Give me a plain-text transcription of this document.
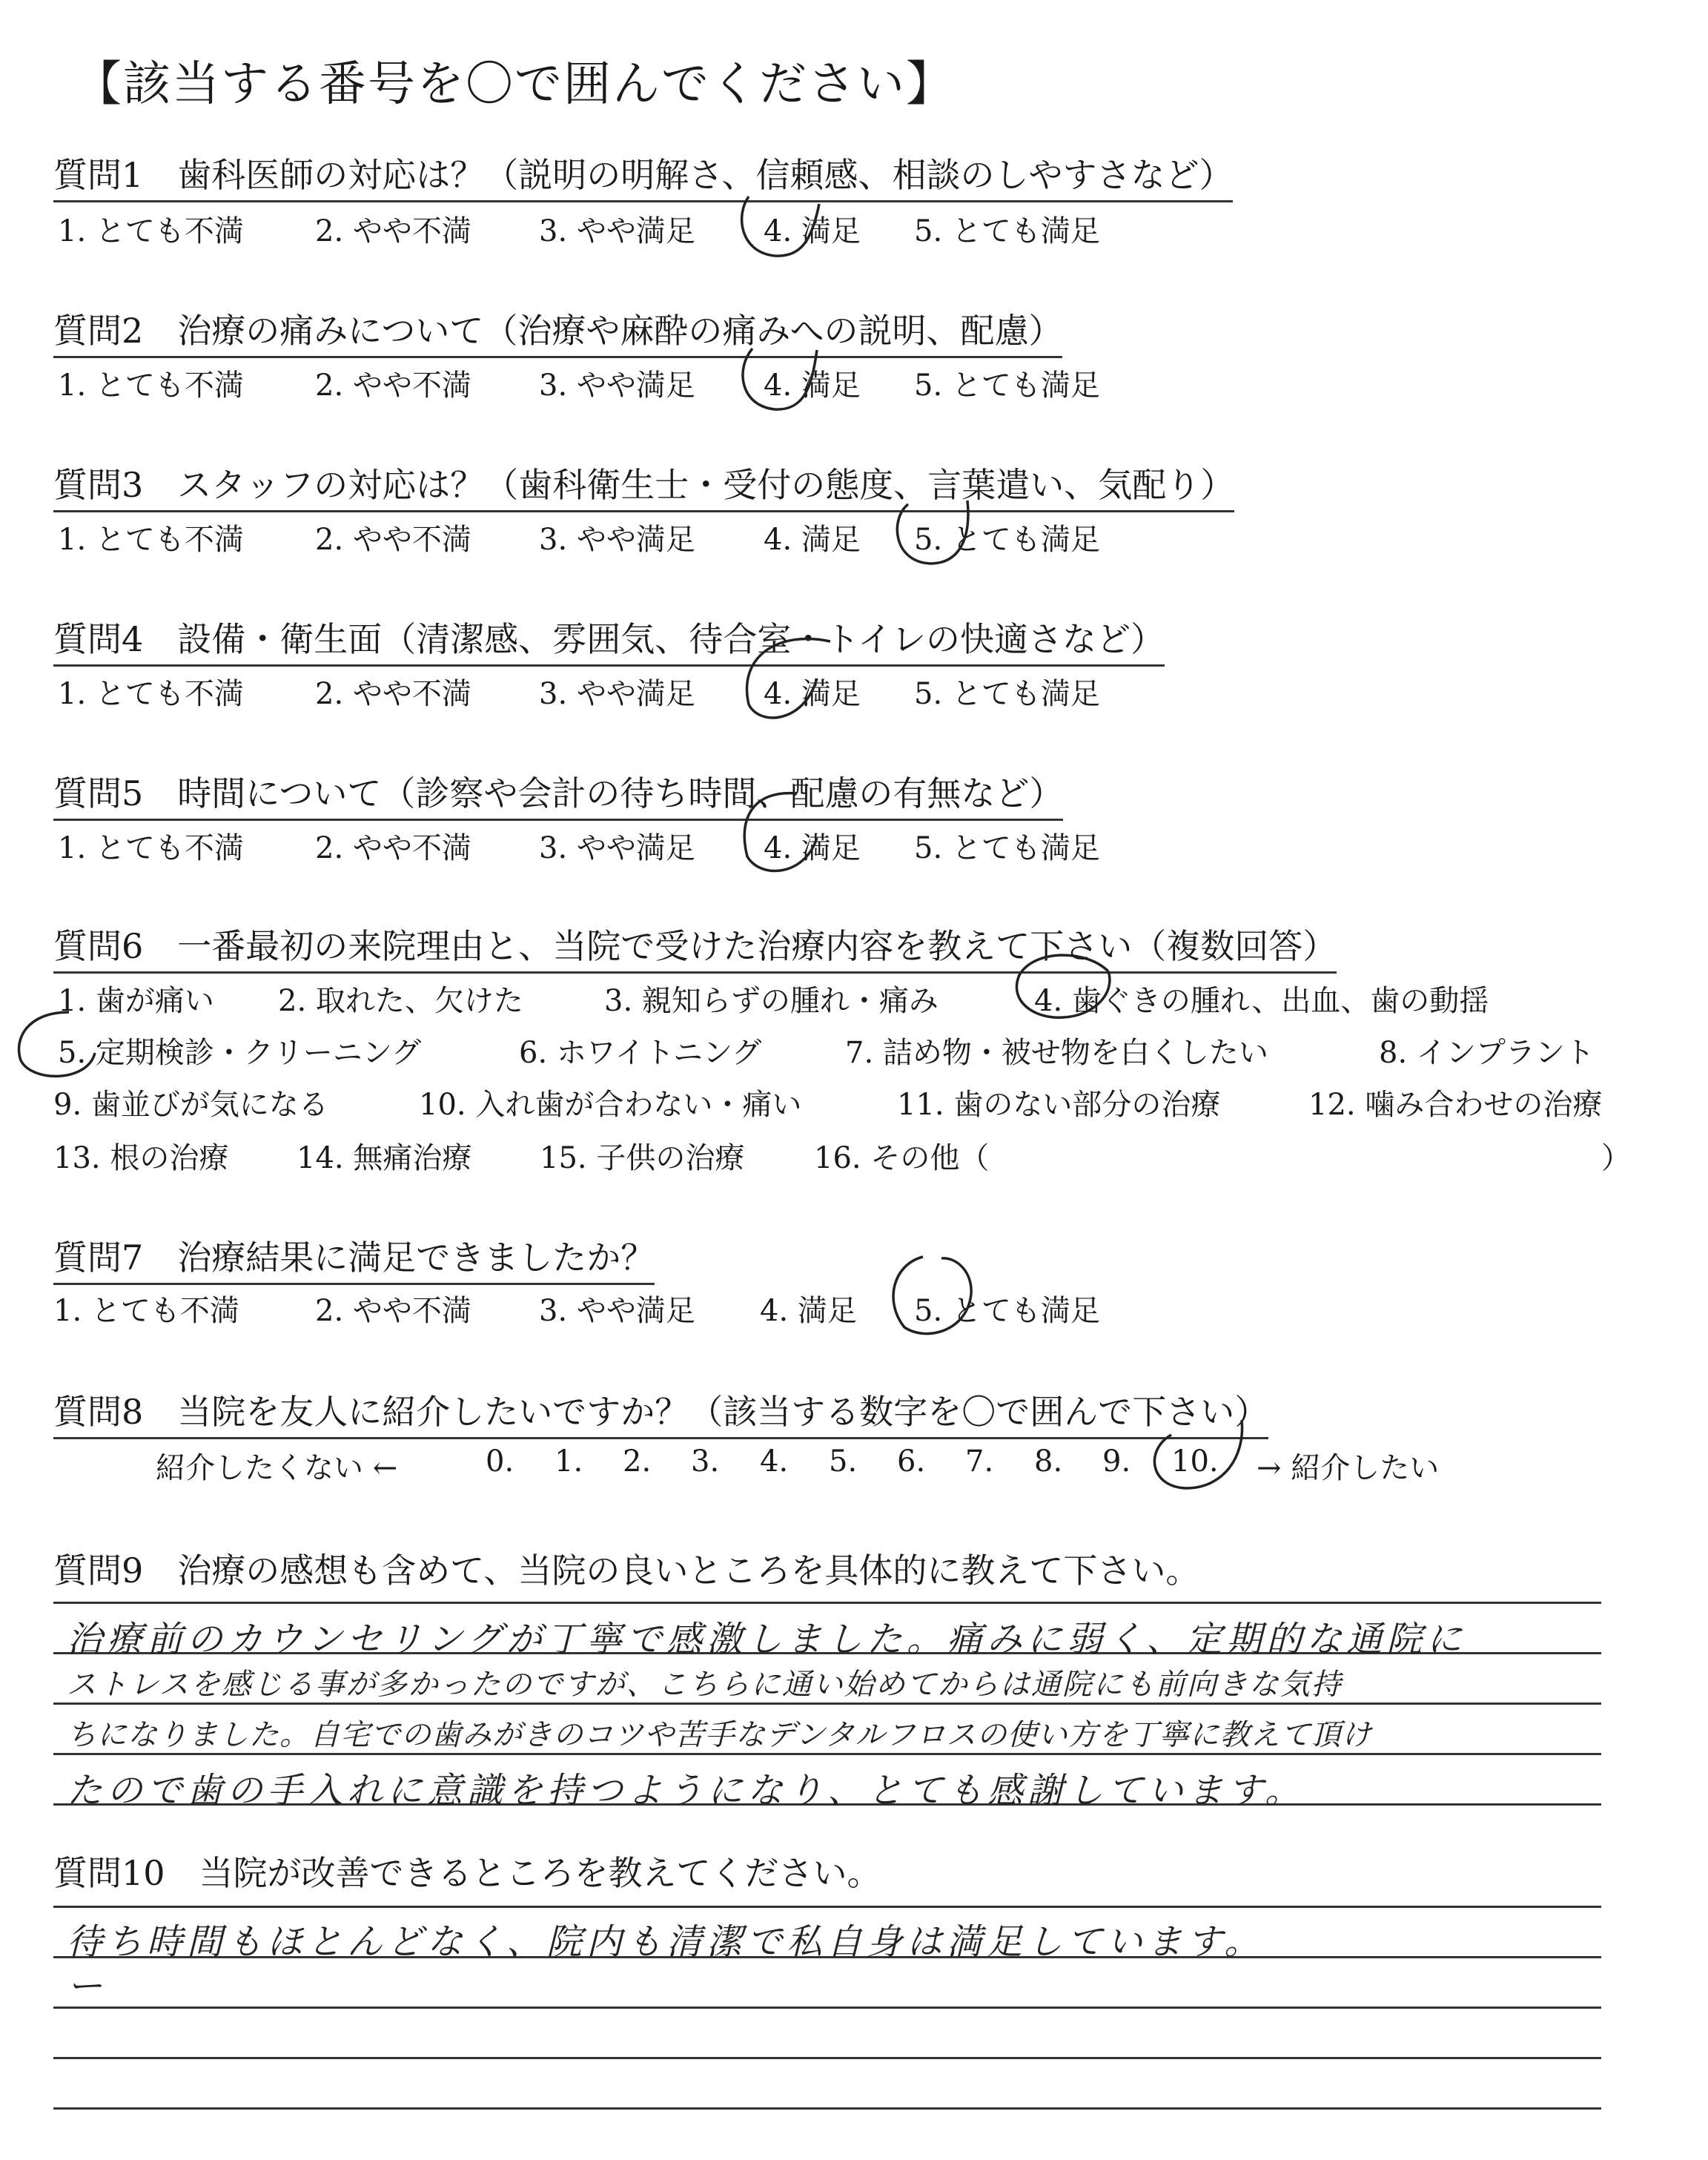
【該当する番号を〇で囲んでください】
質問1 歯科医師の対応は？（説明の明解さ、信頼感、相談のしやすさなど）
1. とても不満 2. やや不満 3. やや満足 4. 満足 5. とても満足
質問2 治療の痛みについて（治療や麻酔の痛みへの説明、配慮）
1. とても不満 2. やや不満 3. やや満足 4. 満足 5. とても満足
質問3 スタッフの対応は？（歯科衛生士・受付の態度、言葉遣い、気配り）
1. とても不満 2. やや不満 3. やや満足 4. 満足 5. とても満足
質問4 設備・衛生面（清潔感、雰囲気、待合室・トイレの快適さなど）
1. とても不満 2. やや不満 3. やや満足 4. 満足 5. とても満足
質問5 時間について（診察や会計の待ち時間、配慮の有無など）
1. とても不満 2. やや不満 3. やや満足 4. 満足 5. とても満足
質問6 一番最初の来院理由と、当院で受けた治療内容を教えて下さい（複数回答）
1. 歯が痛い 2. 取れた、欠けた	3. 親知らずの腫れ・痛み	4. 歯ぐきの腫れ、出血、歯の動揺
5. 定期検診・クリーニング	6. ホワイトニング	7. 詰め物・被せ物を白くしたい	8. インプラント
9. 歯並びが気になる	10. 入れ歯が合わない・痛い	11. 歯のない部分の治療	12. 噛み合わせの治療
13. 根の治療 14. 無痛治療 15. 子供の治療 16. その他（	）
質問7 治療結果に満足できましたか？
1. とても不満	2. やや不満 3. やや満足 4. 満足 5. とても満足
質問8 当院を友人に紹介したいですか？（該当する数字を〇で囲んで下さい）
紹介したくない ←	0. 1. 2. 3. 4. 5. 6. 7. 8. 9. 10. → 紹介したい
質問9 治療の感想も含めて、当院の良いところを具体的に教えて下さい。
治療前のカウンセリングが丁寧で感激しました。痛みに弱く、定期的な通院に
ストレスを感じる事が多かったのですが、こちらに通い始めてからは通院にも前向きな気持
ちになりました。自宅での歯みがきのコツや苦手なデンタルフロスの使い方を丁寧に教えて頂け
たので歯の手入れに意識を持つようになり、とても感謝しています。
質問10 当院が改善できるところを教えてください。
待ち時間もほとんどなく、院内も清潔で私自身は満足しています。
ー
